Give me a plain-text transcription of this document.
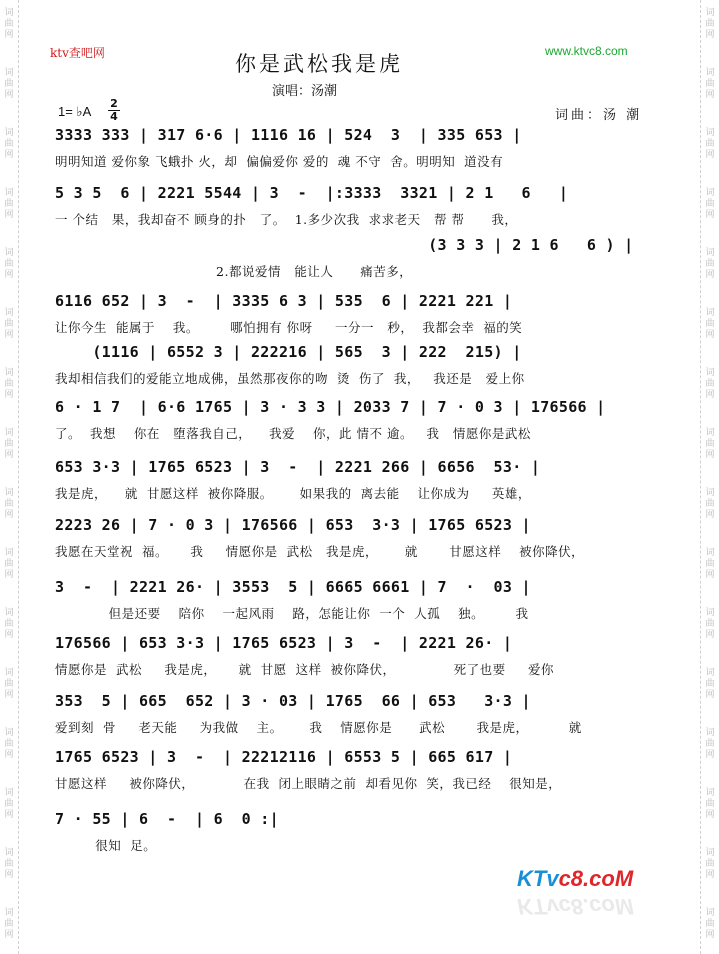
词
曲
网
词
曲
网
词
曲
网
词
曲
网
词
曲
网
词
曲
网
词
曲
网
词
曲
网
词
曲
网
词
曲
网
词
曲
网
词
曲
网
词
曲
网
词
曲
网
词
曲
网
词
曲
网
词
曲
网
词
曲
网
词
曲
网
词
曲
网
词
曲
网
词
曲
网
词
曲
网
词
曲
网
词
曲
网
词
曲
网
词
曲
网
词
曲
网
词
曲
网
词
曲
网
词
曲
网
词
曲
网
ktv查吧网	www.ktvc8.com
你是武松我是虎
演唱：汤潮
1= ♭A
2
4	词曲：汤 潮
3333 333 | 317 6·6 | 1116 16 | 524  3  | 335 653 |
明明知道 爱你象 飞蛾扑 火，却  偏偏爱你 爱的  魂 不守  舍。明明知  道没有
5 3 5  6 | 2221 5544 | 3  -  |:3333  3321 | 2 1   6   |
一 个结   果，我却奋不 顾身的扑   了。  1.多少次我  求求老天   帮 帮      我，
(3 3 3 | 2 1 6   6 ) |
2.都说爱情   能让人      痛苦多，
6116 652 | 3  -  | 3335 6 3 | 535  6 | 2221 221 |
让你今生  能属于    我。       哪怕拥有 你呀     一分一   秒，  我都会幸  福的笑
(1116 | 6552 3 | 222216 | 565  3 | 222  215) |
我却相信我们的爱能立地成佛，虽然那夜你的吻  烫  伤了  我，   我还是   爱上你
6 · 1 7  | 6·6 1765 | 3 · 3 3 | 2033 7 | 7 · 0 3 | 176566 |
了。  我想    你在   堕落我自己，    我爱    你，此 情不 逾。   我   情愿你是武松
653 3·3 | 1765 6523 | 3  -  | 2221 266 | 6656  53· |
我是虎，    就  甘愿这样  被你降服。      如果我的  离去能    让你成为     英雄，
2223 26 | 7 · 0 3 | 176566 | 653  3·3 | 1765 6523 |
我愿在天堂祝  福。     我     情愿你是  武松   我是虎，      就       甘愿这样    被你降伏，
3  -  | 2221 26· | 3553  5 | 6665 6661 | 7  ·  03 |
但是还要    陪你    一起风雨    路，怎能让你  一个  人孤    独。       我
176566 | 653 3·3 | 1765 6523 | 3  -  | 2221 26· |
情愿你是  武松     我是虎，     就  甘愿  这样  被你降伏，             死了也要     爱你
353  5 | 665  652 | 3 · 03 | 1765  66 | 653   3·3 |
爱到刻  骨     老天能     为我做    主。      我    情愿你是      武松       我是虎，         就
1765 6523 | 3  -  | 22212116 | 6553 5 | 665 617 |
甘愿这样     被你降伏，           在我  闭上眼睛之前  却看见你  笑，我已经    很知是，
7 · 55 | 6  -  | 6  0 :|
很知  足。
KTvc8.coM
KTvc8.coM
